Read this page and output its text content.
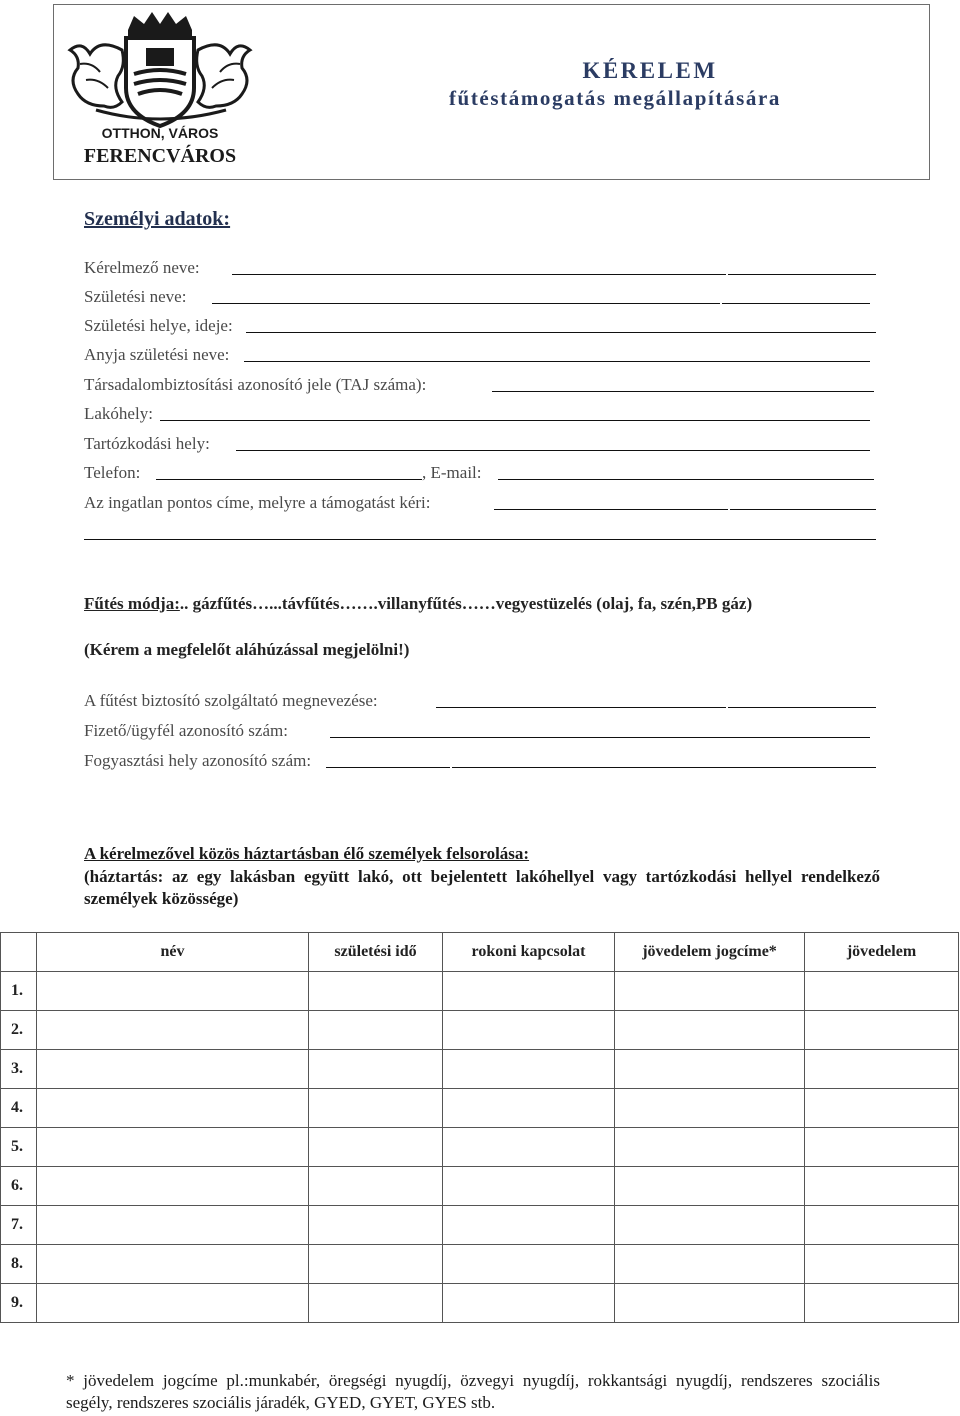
OTTHON, VÁROS
FERENCVÁROS
KÉRELEM
fűtéstámogatás megállapítására
Személyi adatok:
Kérelmező neve:
Születési neve:
Születési helye, ideje:
Anyja születési neve:
Társadalombiztosítási azonosító jele (TAJ száma):
Lakóhely:
Tartózkodási hely:
Telefon:	, E-mail:
Az ingatlan pontos címe, melyre a támogatást kéri:
Fűtés módja:.. gázfűtés…...távfűtés…….villanyfűtés……vegyestüzelés (olaj, fa, szén,PB gáz)
(Kérem a megfelelőt aláhúzással megjelölni!)
A fűtést biztosító szolgáltató megnevezése:
Fizető/ügyfél azonosító szám:
Fogyasztási hely azonosító szám:
A kérelmezővel közös háztartásban élő személyek felsorolása:
(háztartás: az egy lakásban együtt lakó, ott bejelentett lakóhellyel vagy tartózkodási hellyel rendelkező személyek közössége)
	név	születési idő	rokoni kapcsolat	jövedelem jogcíme*	jövedelem
1.					
2.					
3.					
4.					
5.					
6.					
7.					
8.					
9.					
* jövedelem jogcíme pl.:munkabér, öregségi nyugdíj, özvegyi nyugdíj, rokkantsági nyugdíj, rendszeres szociális segély, rendszeres szociális járadék, GYED, GYET, GYES stb.
